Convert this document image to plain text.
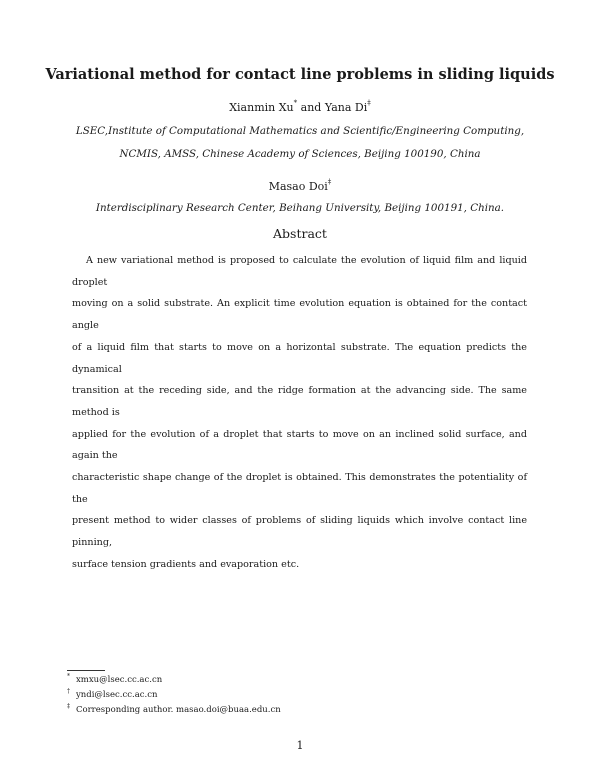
Variational method for contact line problems in sliding liquids
Xianmin Xu* and Yana Di‡
LSEC,Institute of Computational Mathematics and Scientific/Engineering Computing,
NCMIS, AMSS, Chinese Academy of Sciences, Beijing 100190, China
Masao Doi‡
Interdisciplinary Research Center, Beihang University, Beijing 100191, China.
Abstract
A new variational method is proposed to calculate the evolution of liquid film and liquid droplet
moving on a solid substrate. An explicit time evolution equation is obtained for the contact angle
of a liquid film that starts to move on a horizontal substrate. The equation predicts the dynamical
transition at the receding side, and the ridge formation at the advancing side. The same method is
applied for the evolution of a droplet that starts to move on an inclined solid surface, and again the
characteristic shape change of the droplet is obtained. This demonstrates the potentiality of the
present method to wider classes of problems of sliding liquids which involve contact line pinning,
surface tension gradients and evaporation etc.
* xmxu@lsec.cc.ac.cn
† yndi@lsec.cc.ac.cn
‡ Corresponding author. masao.doi@buaa.edu.cn
1
